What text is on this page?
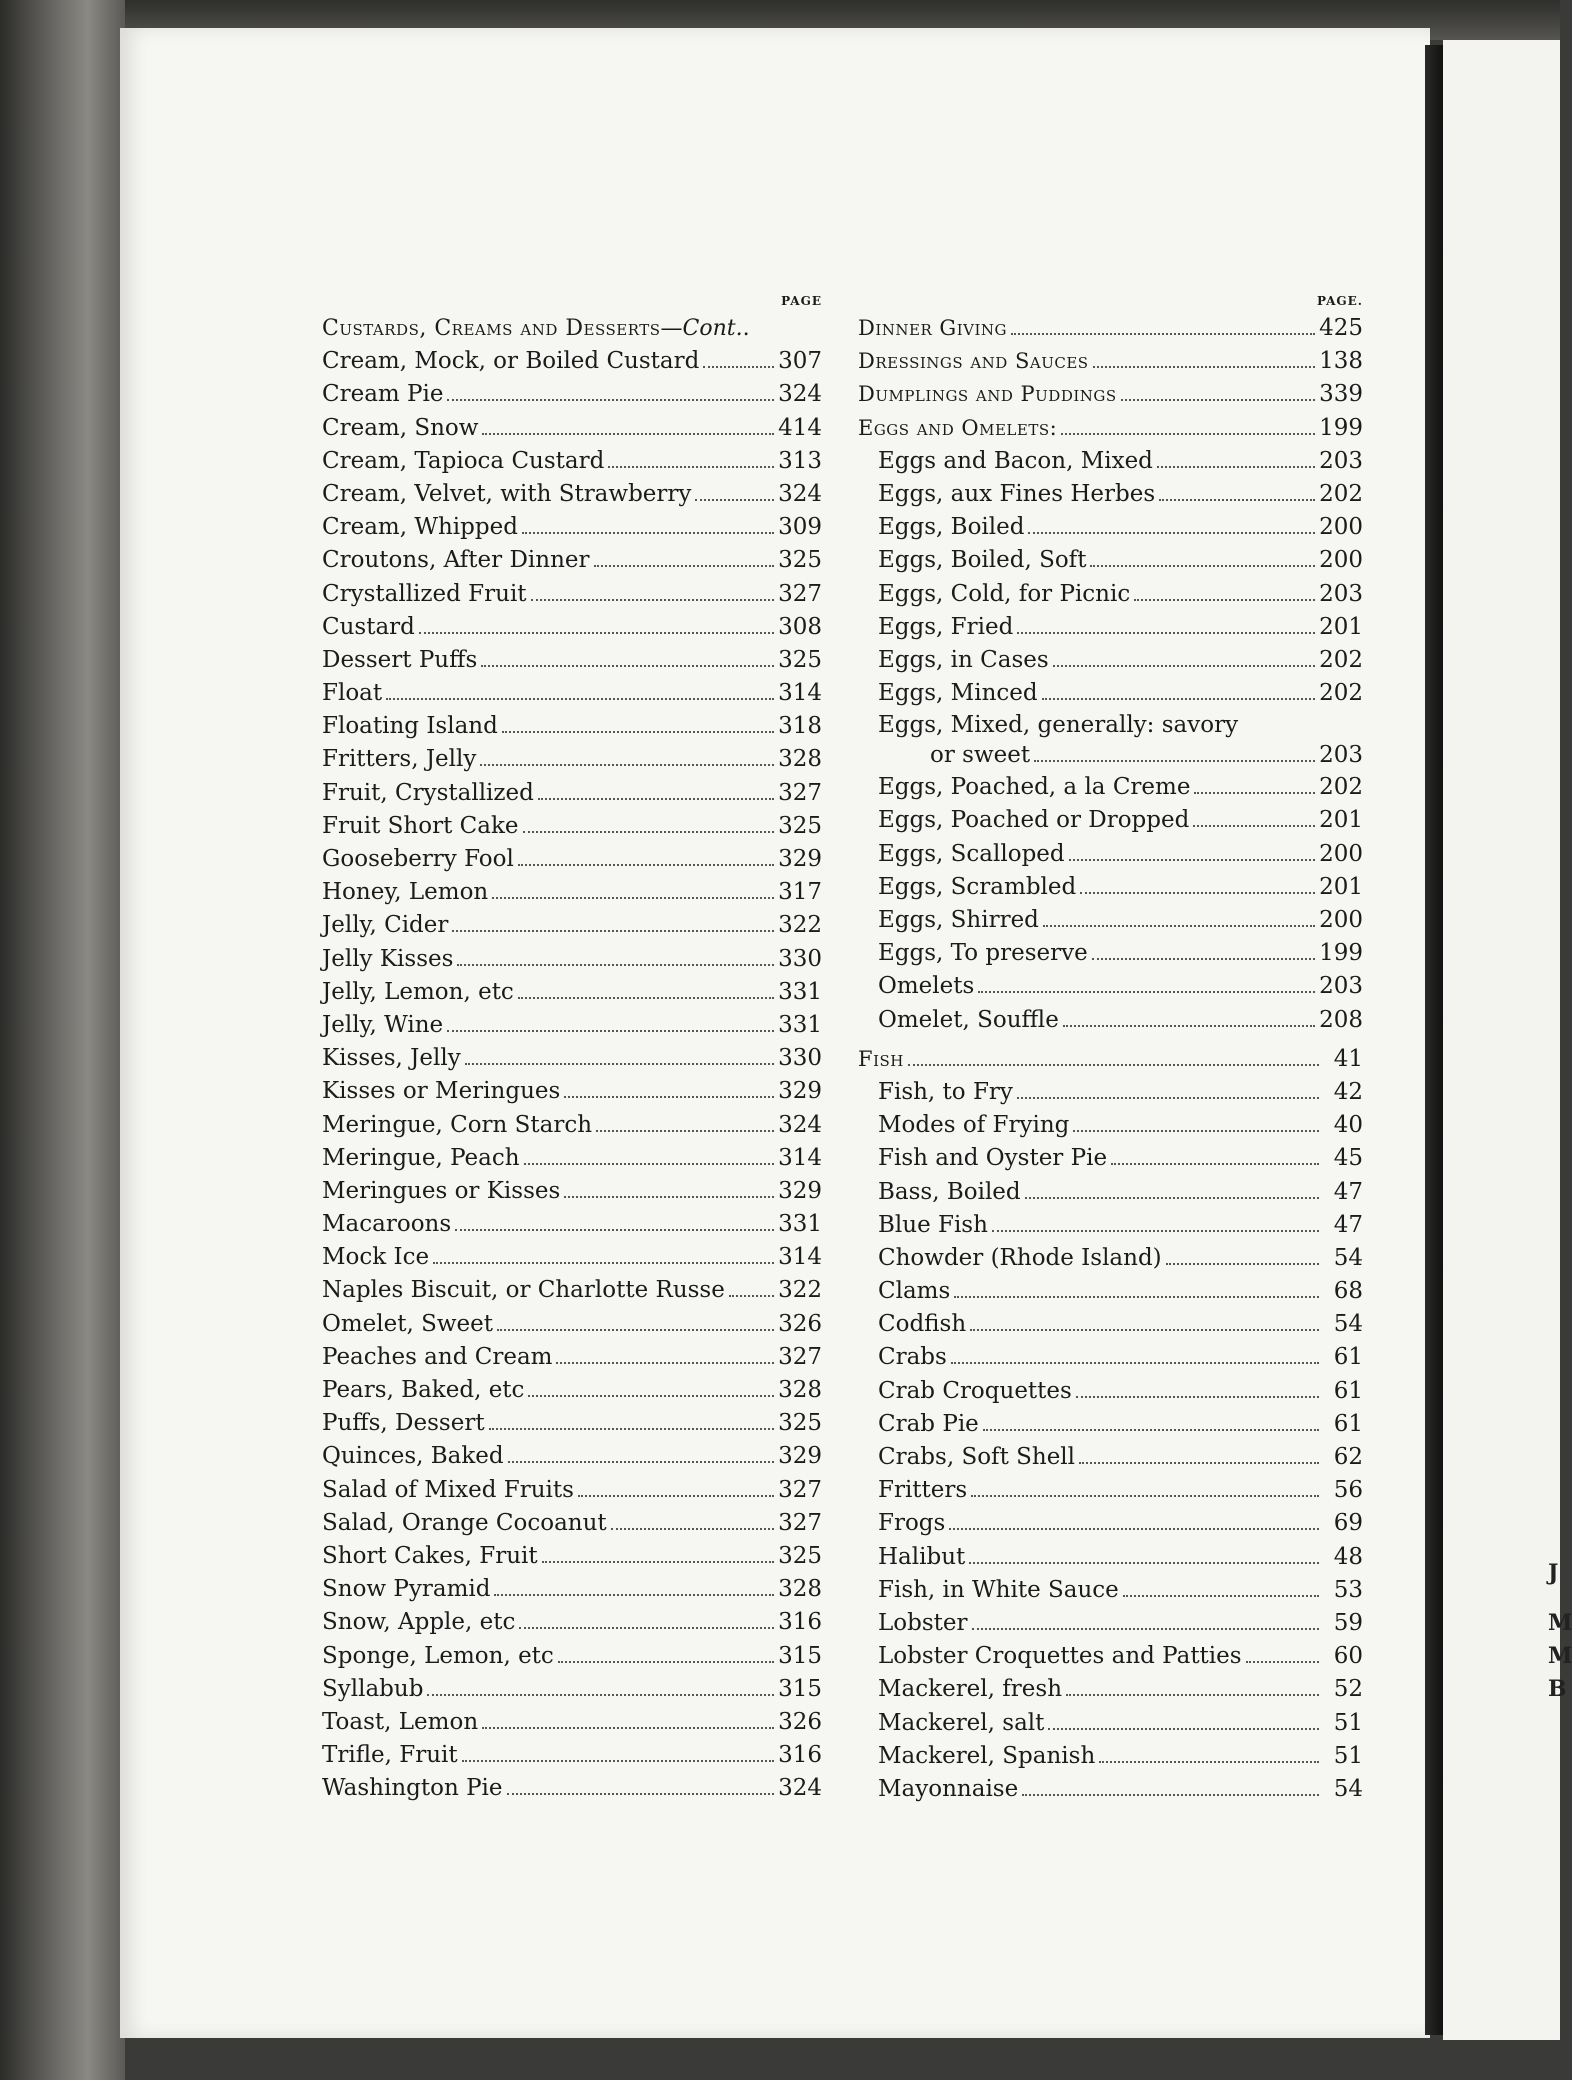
J
M
M
B
PAGE
Custards, Creams and Desserts—Cont..
Cream, Mock, or Boiled Custard	307
Cream Pie	324
Cream, Snow	414
Cream, Tapioca Custard	313
Cream, Velvet, with Strawberry	324
Cream, Whipped	309
Croutons, After Dinner	325
Crystallized Fruit	327
Custard	308
Dessert Puffs	325
Float	314
Floating Island	318
Fritters, Jelly	328
Fruit, Crystallized	327
Fruit Short Cake	325
Gooseberry Fool	329
Honey, Lemon	317
Jelly, Cider	322
Jelly Kisses	330
Jelly, Lemon, etc	331
Jelly, Wine	331
Kisses, Jelly	330
Kisses or Meringues	329
Meringue, Corn Starch	324
Meringue, Peach	314
Meringues or Kisses	329
Macaroons	331
Mock Ice	314
Naples Biscuit, or Charlotte Russe 322
Omelet, Sweet	326
Peaches and Cream	327
Pears, Baked, etc	328
Puffs, Dessert	325
Quinces, Baked	329
Salad of Mixed Fruits	327
Salad, Orange Cocoanut	327
Short Cakes, Fruit	325
Snow Pyramid	328
Snow, Apple, etc	316
Sponge, Lemon, etc	315
Syllabub	315
Toast, Lemon	326
Trifle, Fruit	316
Washington Pie	324
PAGE.
Dinner Giving	425
Dressings and Sauces	138
Dumplings and Puddings	339
Eggs and Omelets:	199
Eggs and Bacon, Mixed	203
Eggs, aux Fines Herbes	202
Eggs, Boiled	200
Eggs, Boiled, Soft	200
Eggs, Cold, for Picnic	203
Eggs, Fried	201
Eggs, in Cases	202
Eggs, Minced	202
Eggs, Mixed, generally: savory
or sweet	203
Eggs, Poached, a la Creme	202
Eggs, Poached or Dropped	201
Eggs, Scalloped	200
Eggs, Scrambled	201
Eggs, Shirred	200
Eggs, To preserve	199
Omelets	203
Omelet, Souffle	208
Fish	41
Fish, to Fry	42
Modes of Frying	40
Fish and Oyster Pie	45
Bass, Boiled	47
Blue Fish	47
Chowder (Rhode Island)	54
Clams	68
Codfish	54
Crabs	61
Crab Croquettes	61
Crab Pie	61
Crabs, Soft Shell	62
Fritters	56
Frogs	69
Halibut	48
Fish, in White Sauce	53
Lobster	59
Lobster Croquettes and Patties	60
Mackerel, fresh	52
Mackerel, salt	51
Mackerel, Spanish	51
Mayonnaise	54
